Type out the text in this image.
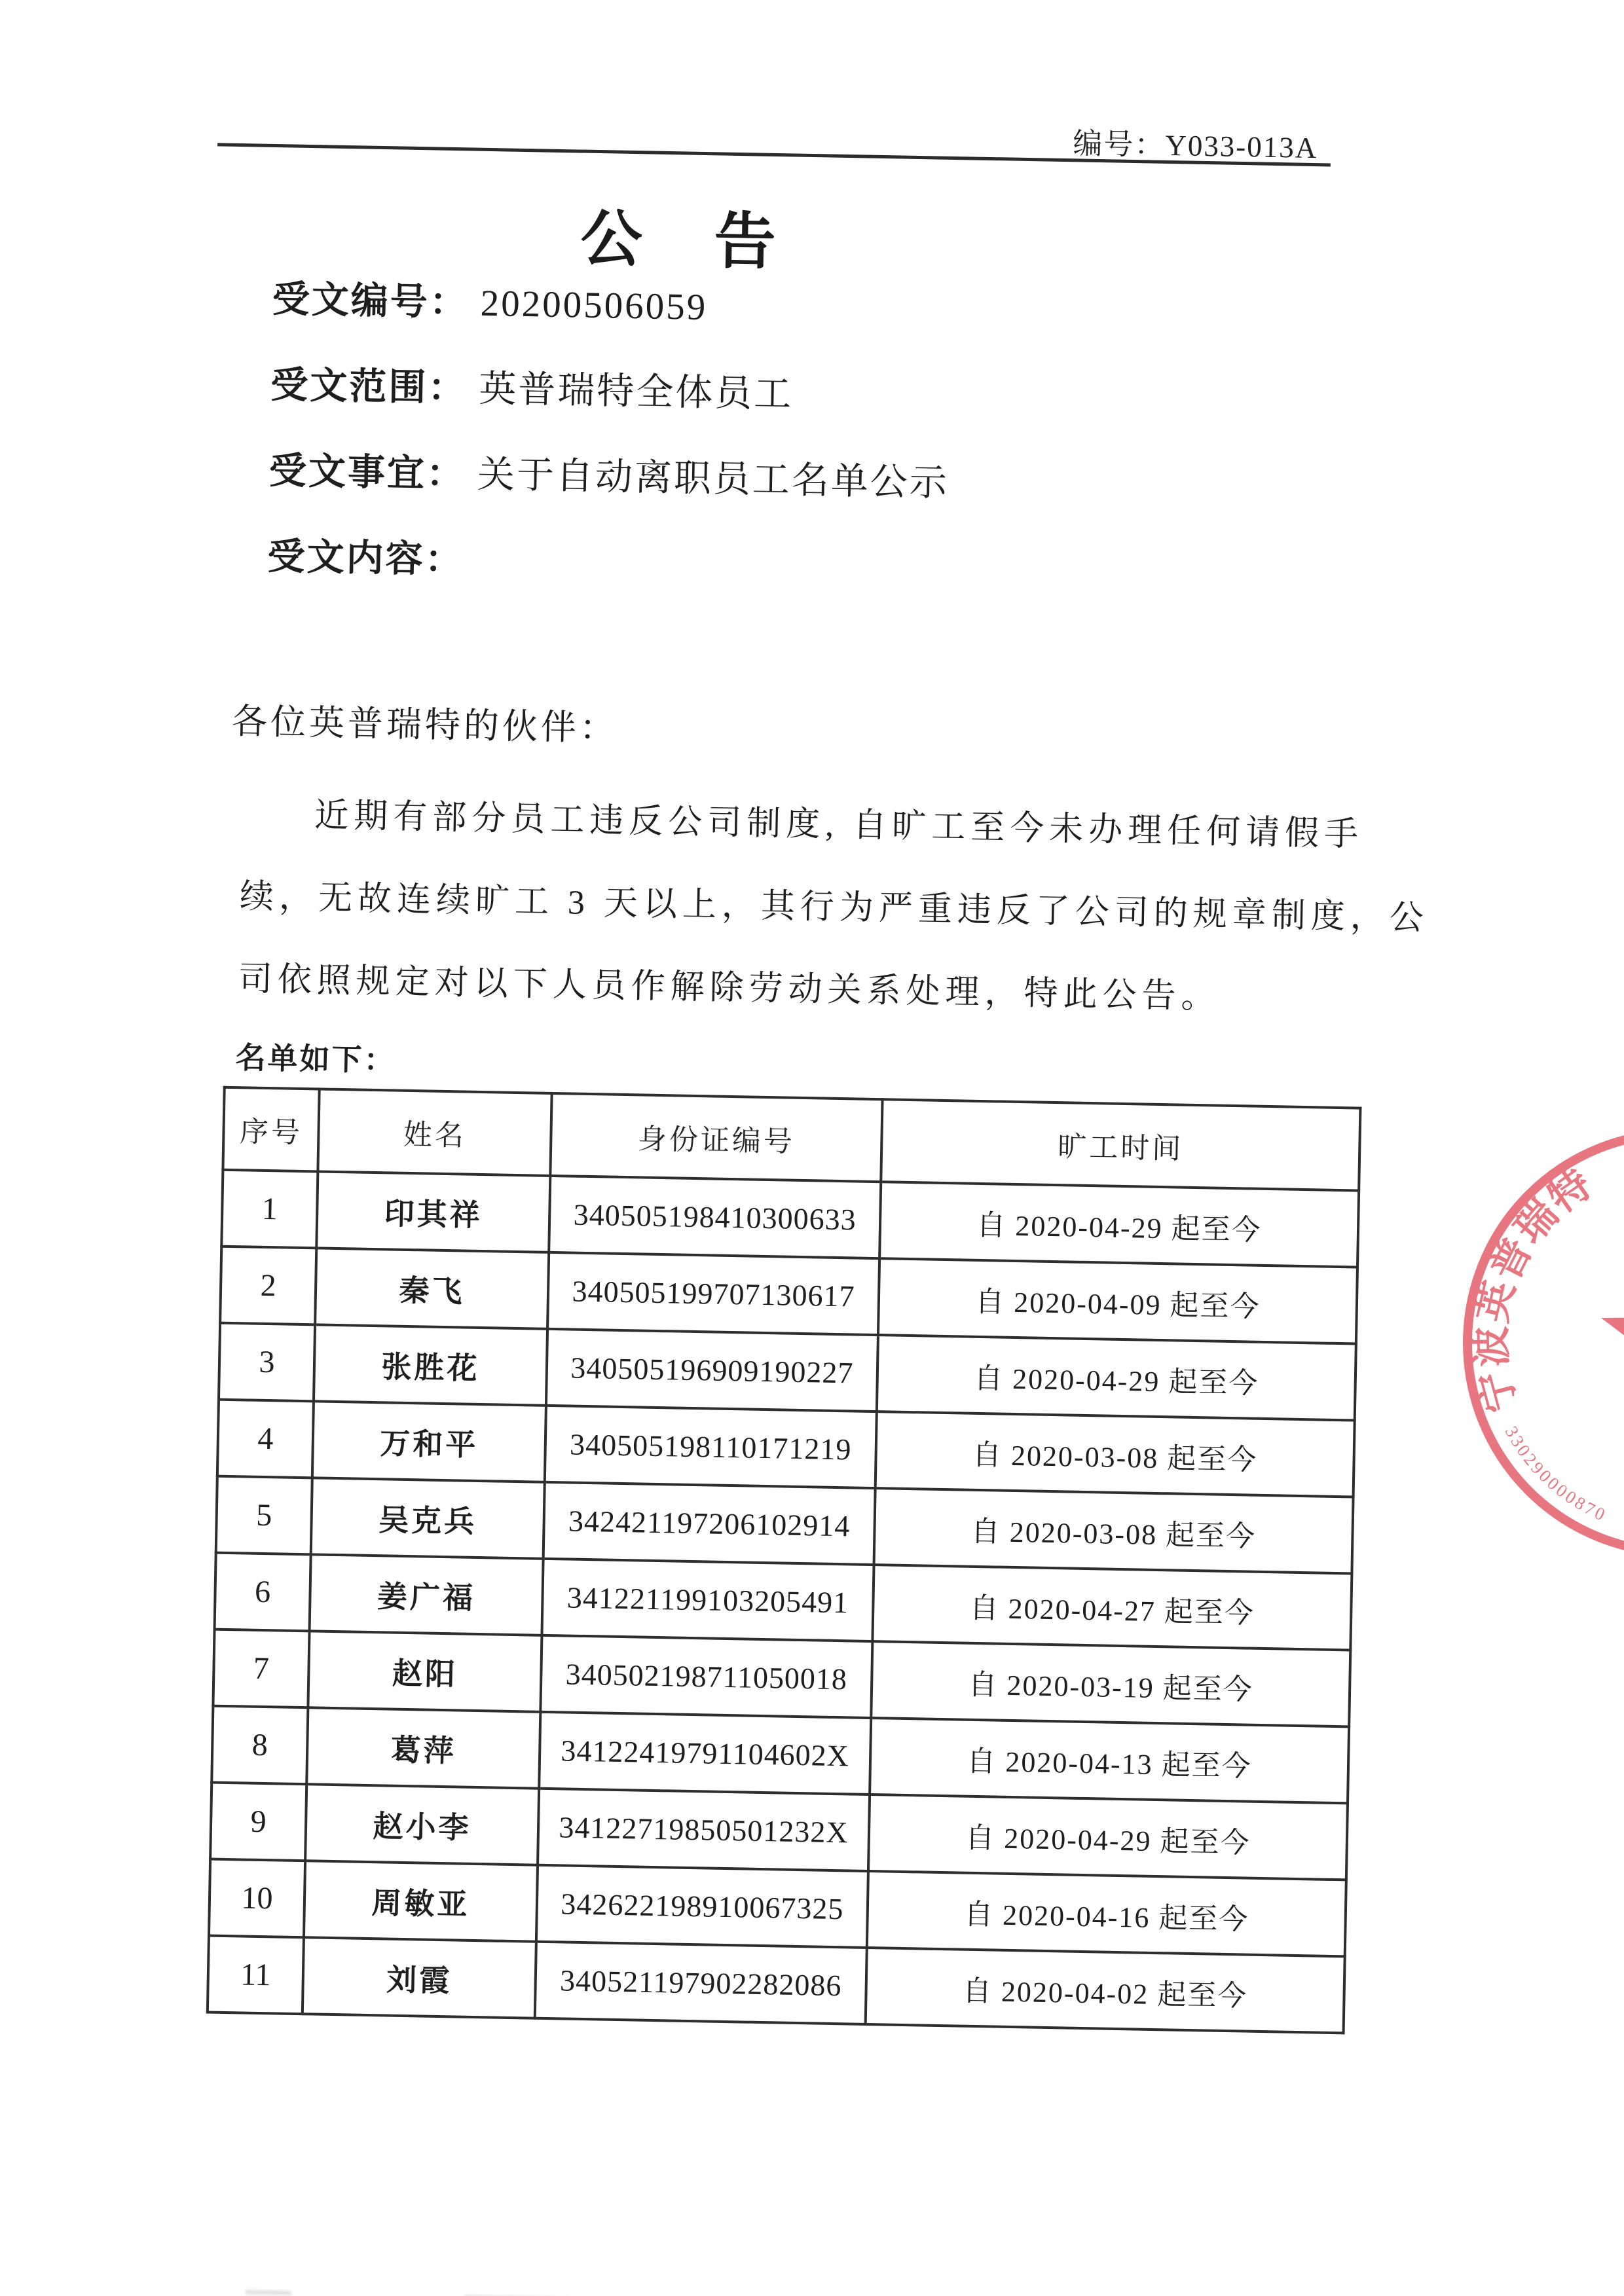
编号：Y033-013A
公　告
受文编号： 20200506059
受文范围： 英普瑞特全体员工
受文事宜： 关于自动离职员工名单公示
受文内容：
各位英普瑞特的伙伴：
近期有部分员工违反公司制度, 自旷工至今未办理任何请假手
续，无故连续旷工 3 天以上，其行为严重违反了公司的规章制度，公
司依照规定对以下人员作解除劳动关系处理，特此公告。
名单如下：
序号	姓名	身份证编号	旷工时间
1	印其祥	340505198410300633	自 2020-04-29 起至今
2	秦飞	340505199707130617	自 2020-04-09 起至今
3	张胜花	340505196909190227	自 2020-04-29 起至今
4	万和平	340505198110171219	自 2020-03-08 起至今
5	吴克兵	342421197206102914	自 2020-03-08 起至今
6	姜广福	341221199103205491	自 2020-04-27 起至今
7	赵阳	340502198711050018	自 2020-03-19 起至今
8	葛萍	34122419791104602X	自 2020-04-13 起至今
9	赵小李	34122719850501232X	自 2020-04-29 起至今
10	周敏亚	342622198910067325	自 2020-04-16 起至今
11	刘霞	340521197902282086	自 2020-04-02 起至今
宁波英普瑞特
330290000870
